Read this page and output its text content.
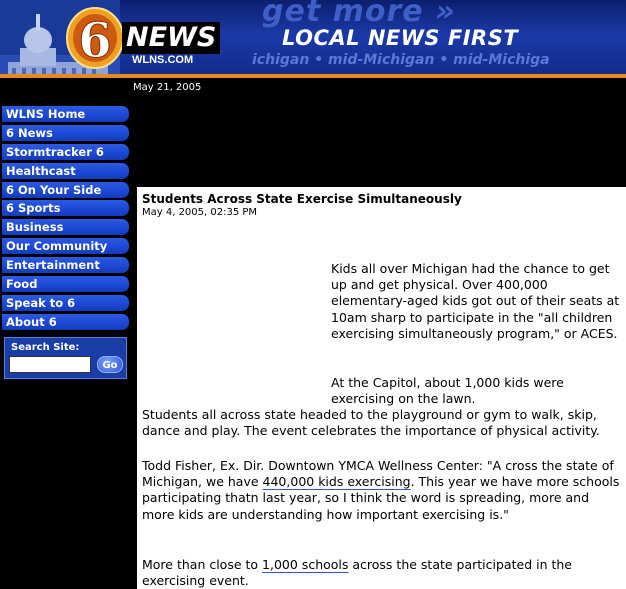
get more »
LOCAL NEWS FIRST
ichigan • mid-Michigan • mid-Michiga
6 NEWS
WLNS.COM
May 21, 2005
WLNS Home
6 News
Stormtracker 6
Healthcast
6 On Your Side
6 Sports
Business
Our Community
Entertainment
Food
Speak to 6
About 6
Search Site:
Go
Students Across State Exercise Simultaneously
May 4, 2005, 02:35 PM
Kids all over Michigan had the chance to get up and get physical. Over 400,000 elementary-aged kids got out of their seats at 10am sharp to participate in the "all children exercising simultaneously program," or ACES.
At the Capitol, about 1,000 kids were exercising on the lawn.
Students all across state headed to the playground or gym to walk, skip, dance and play. The event celebrates the importance of physical activity.
Todd Fisher, Ex. Dir. Downtown YMCA Wellness Center: "A cross the state of Michigan, we have 440,000 kids exercising. This year we have more schools participating thatn last year, so I think the word is spreading, more and more kids are understanding how important exercising is."
More than close to 1,000 schools across the state participated in the exercising event.
